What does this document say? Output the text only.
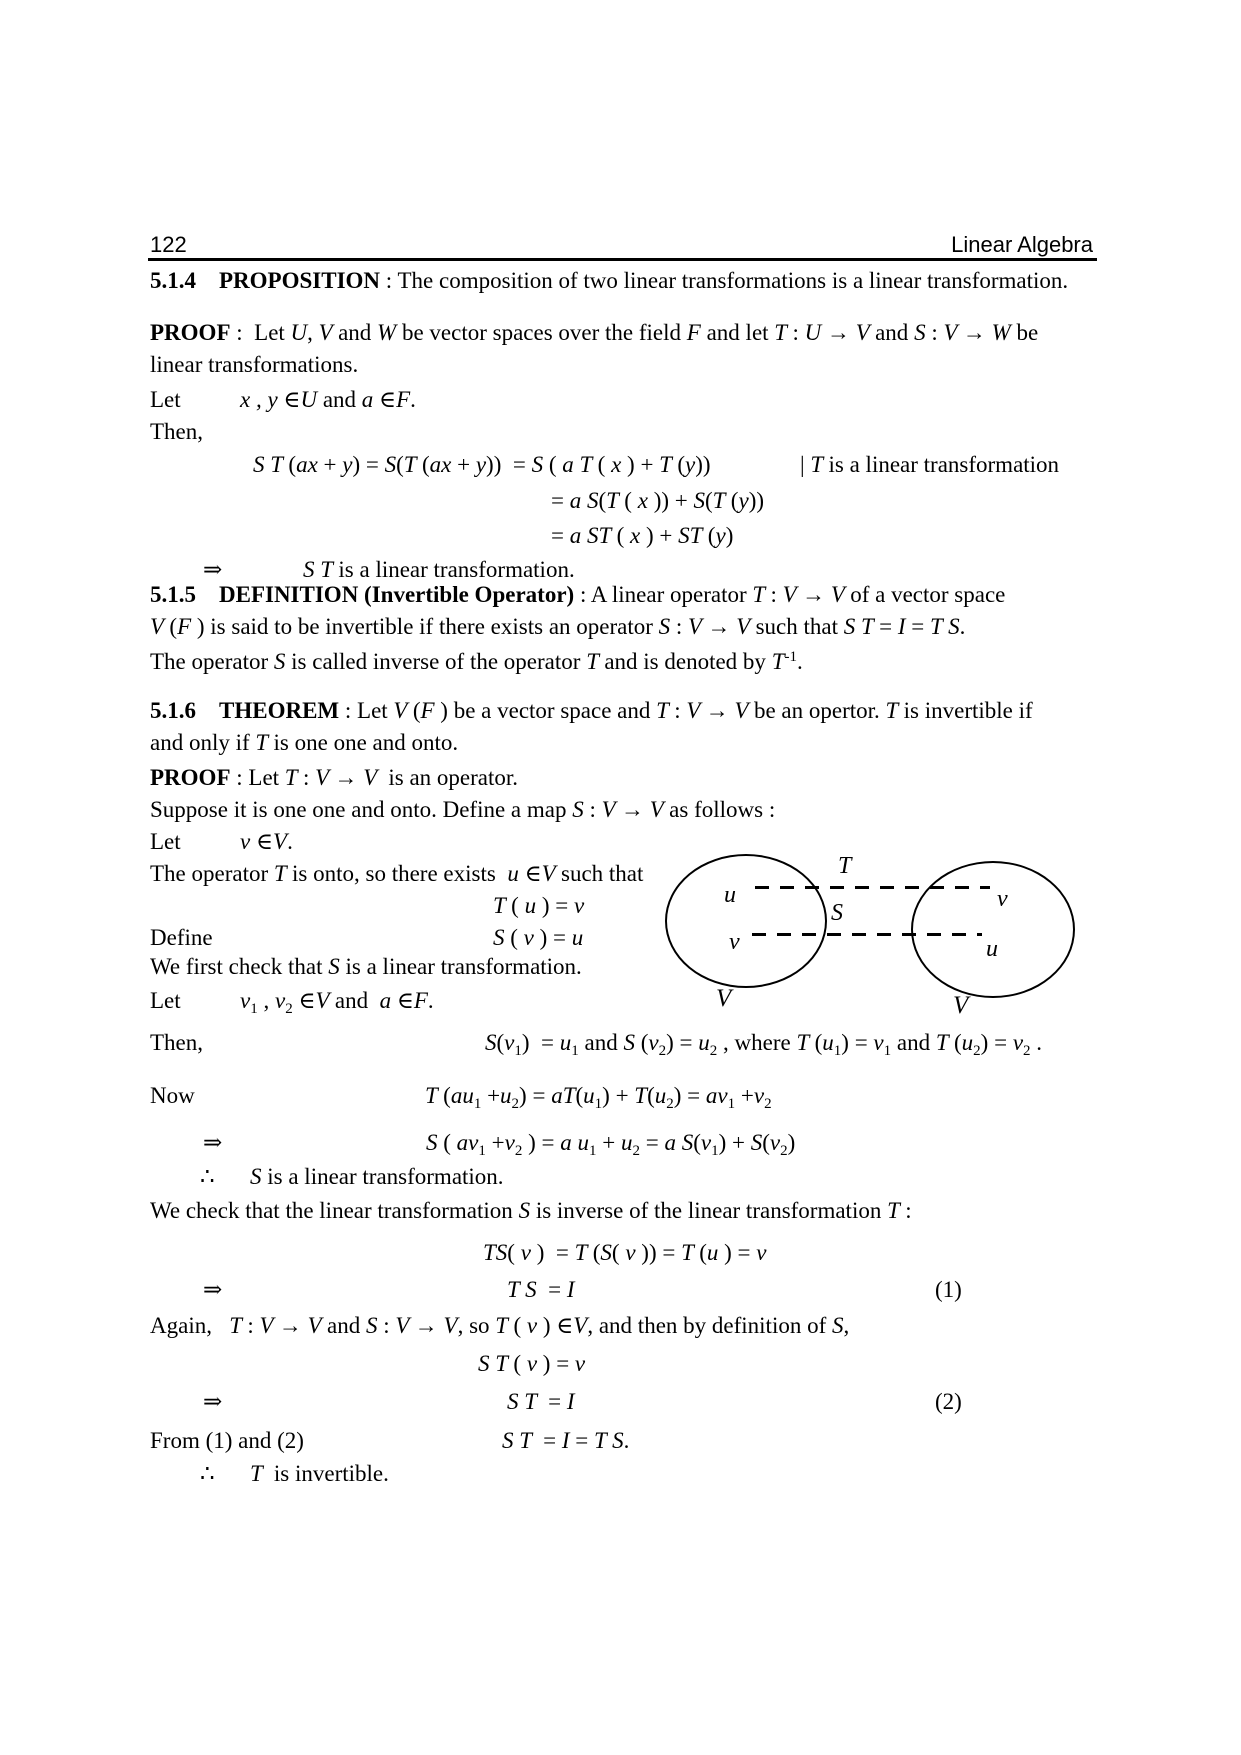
122	Linear Algebra
5.1.4 PROPOSITION : The composition of two linear transformations is a linear transformation.
PROOF :  Let U, V and W be vector spaces over the field F and let T : U → V and S : V → W be
linear transformations.
Let	x , y ∈U and a ∈F.
Then,
S T (ax + y) = S(T (ax + y))  = S ( a T ( x ) + T (y))	| T is a linear transformation
= a S(T ( x )) + S(T (y))
= a ST ( x ) + ST (y)
⇒	S T is a linear transformation.
5.1.5 DEFINITION (Invertible Operator) : A linear operator T : V → V of a vector space
V (F ) is said to be invertible if there exists an operator S : V → V such that S T = I = T S.
The operator S is called inverse of the operator T and is denoted by $T^{-1}$.
5.1.6 THEOREM : Let V (F ) be a vector space and T : V → V be an opertor. T is invertible if
and only if T is one one and onto.
PROOF : Let T : V → V  is an operator.
Suppose it is one one and onto. Define a map S : V → V as follows :
Let	v ∈V.
The operator T is onto, so there exists  u ∈V such that
T ( u ) = v
Define	S ( v ) = u
We first check that S is a linear transformation.
Let	$v_1$ , $v_2$ ∈V and  a ∈F.
Then,	$S(v_1) = u_1$ and S $(v_2) = u_2$ , where T $(u_1) = v_1$ and T $(u_2) = v_2$ .
Now	T $(au_1 +u_2) = aT(u_1) + T(u_2) = av_1 +v_2$
⇒	S ( $av_1 +v_2$ ) = a $u_1 + u_2 = a$ $S(v_1) + S(v_2)$
∴ S is a linear transformation.
We check that the linear transformation S is inverse of the linear transformation T :
TS( v )  = T (S( v )) = T (u ) = v
⇒	T S  = I	(1)
Again,   T : V → V and S : V → V, so T ( v ) ∈V, and then by definition of S,
S T ( v ) = v
⇒	S T  = I	(2)
From (1) and (2)	S T  = I = T S.
∴ T  is invertible.
T
S
u
v
v
u
V	V
